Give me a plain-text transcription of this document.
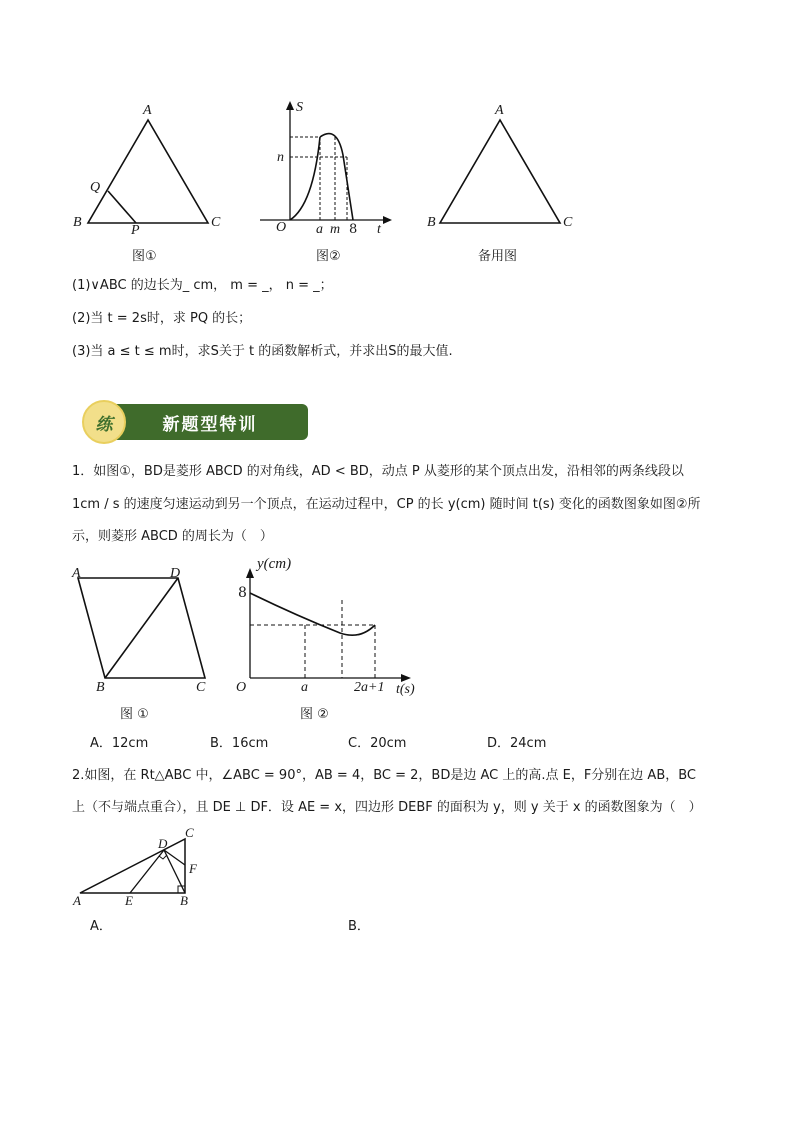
A
Q
B
P
C
图①
S
n
O a m 8 t
图②
A
B	C
备用图
(1)∨ABC 的边长为_ cm， m = _， n = _；
(2)当 t = 2s时，求 PQ 的长；
(3)当 a ≤ t ≤ m时，求S关于 t 的函数解析式，并求出S的最大值.
新题型特训
练
1．如图①，BD是菱形 ABCD 的对角线，AD < BD，动点 P 从菱形的某个顶点出发，沿相邻的两条线段以
1cm / s 的速度匀速运动到另一个顶点，在运动过程中，CP 的长 y(cm) 随时间 t(s) 变化的函数图象如图②所
示，则菱形 ABCD 的周长为（　）
A	D
B	C
图 ①
y(cm)
8
O	a	2a+1 t(s)
图 ②
A．12cm	B．16cm	C．20cm	D．24cm
2.如图，在 Rt△ABC 中，∠ABC = 90°，AB = 4，BC = 2，BD是边 AC 上的高.点 E，F分别在边 AB，BC
上（不与端点重合），且 DE ⊥ DF．设 AE = x，四边形 DEBF 的面积为 y，则 y 关于 x 的函数图象为（　）
C
D
F
A	E	B
A．	B．
